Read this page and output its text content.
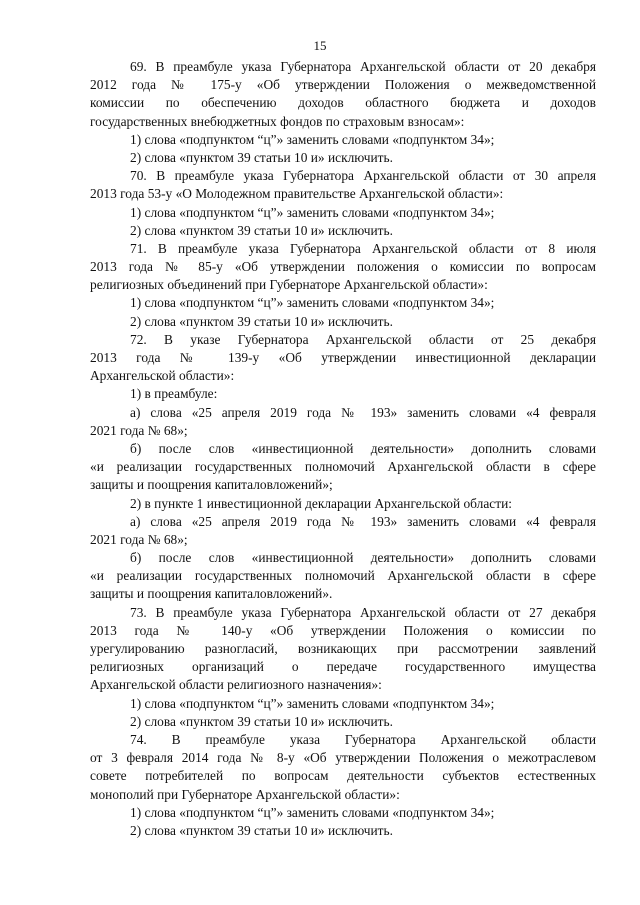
15
69. В преамбуле указа Губернатора Архангельской области от 20 декабря
2012 года № 175-у «Об утверждении Положения о межведомственной
комиссии по обеспечению доходов областного бюджета и доходов
государственных внебюджетных фондов по страховым взносам»:
1) слова «подпунктом “ц”» заменить словами «подпунктом 34»;
2) слова «пунктом 39 статьи 10 и» исключить.
70. В преамбуле указа Губернатора Архангельской области от 30 апреля
2013 года 53-у «О Молодежном правительстве Архангельской области»:
1) слова «подпунктом “ц”» заменить словами «подпунктом 34»;
2) слова «пунктом 39 статьи 10 и» исключить.
71. В преамбуле указа Губернатора Архангельской области от 8 июля
2013 года № 85-у «Об утверждении положения о комиссии по вопросам
религиозных объединений при Губернаторе Архангельской области»:
1) слова «подпунктом “ц”» заменить словами «подпунктом 34»;
2) слова «пунктом 39 статьи 10 и» исключить.
72. В указе Губернатора Архангельской области от 25 декабря
2013 года № 139-у «Об утверждении инвестиционной декларации
Архангельской области»:
1) в преамбуле:
а) слова «25 апреля 2019 года № 193» заменить словами «4 февраля
2021 года № 68»;
б) после слов «инвестиционной деятельности» дополнить словами
«и реализации государственных полномочий Архангельской области в сфере
защиты и поощрения капиталовложений»;
2) в пункте 1 инвестиционной декларации Архангельской области:
а) слова «25 апреля 2019 года № 193» заменить словами «4 февраля
2021 года № 68»;
б) после слов «инвестиционной деятельности» дополнить словами
«и реализации государственных полномочий Архангельской области в сфере
защиты и поощрения капиталовложений».
73. В преамбуле указа Губернатора Архангельской области от 27 декабря
2013 года № 140-у «Об утверждении Положения о комиссии по
урегулированию разногласий, возникающих при рассмотрении заявлений
религиозных организаций о передаче государственного имущества
Архангельской области религиозного назначения»:
1) слова «подпунктом “ц”» заменить словами «подпунктом 34»;
2) слова «пунктом 39 статьи 10 и» исключить.
74. В преамбуле указа Губернатора Архангельской области
от 3 февраля 2014 года № 8-у «Об утверждении Положения о межотраслевом
совете потребителей по вопросам деятельности субъектов естественных
монополий при Губернаторе Архангельской области»:
1) слова «подпунктом “ц”» заменить словами «подпунктом 34»;
2) слова «пунктом 39 статьи 10 и» исключить.
